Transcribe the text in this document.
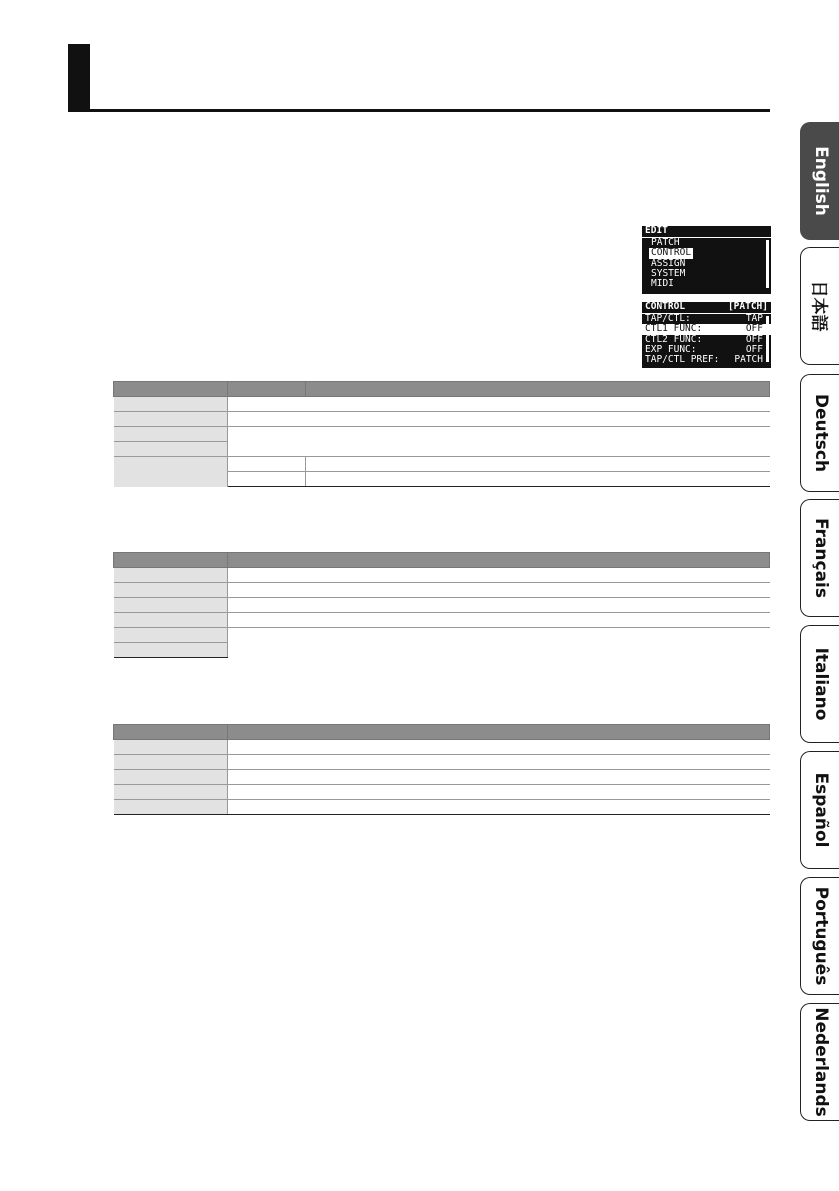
English
日本語
Deutsch
Français
Italiano
Español
Português
Nederlands
EDIT
PATCH
CONTROL
ASSIGN
SYSTEM
MIDI
CONTROL	[PATCH]
TAP/CTL:	TAP
CTL1 FUNC:	OFF
CTL2 FUNC:	OFF
EXP FUNC:	OFF
TAP/CTL PREF: PATCH
